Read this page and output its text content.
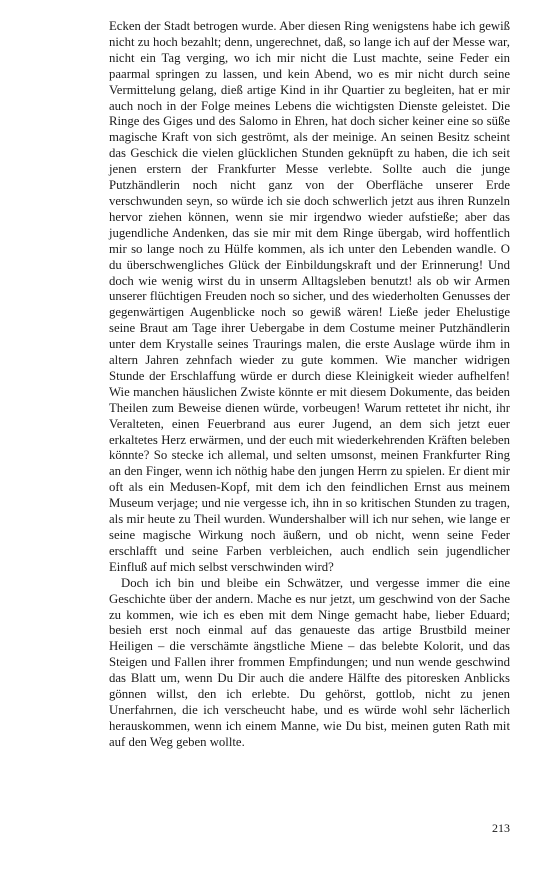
Ecken der Stadt betrogen wurde. Aber diesen Ring wenigstens habe ich gewiß nicht zu hoch bezahlt; denn, ungerechnet, daß, so lange ich auf der Messe war, nicht ein Tag verging, wo ich mir nicht die Lust machte, seine Feder ein paarmal springen zu lassen, und kein Abend, wo es mir nicht durch seine Vermittelung gelang, dieß artige Kind in ihr Quartier zu begleiten, hat er mir auch noch in der Folge meines Lebens die wichtigsten Dienste geleistet. Die Ringe des Giges und des Salomo in Ehren, hat doch sicher keiner eine so süße magische Kraft von sich geströmt, als der meinige. An seinen Besitz scheint das Geschick die vielen glücklichen Stunden geknüpft zu haben, die ich seit jenen erstern der Frankfurter Messe verlebte. Sollte auch die junge Putzhändlerin noch nicht ganz von der Oberfläche unserer Erde verschwunden seyn, so würde ich sie doch schwerlich jetzt aus ihren Runzeln hervor ziehen können, wenn sie mir irgendwo wieder aufstieße; aber das jugendliche Andenken, das sie mir mit dem Ringe übergab, wird hoffentlich mir so lange noch zu Hülfe kommen, als ich unter den Lebenden wandle. O du überschwengliches Glück der Einbildungskraft und der Erinnerung! Und doch wie wenig wirst du in unserm Alltagsleben benutzt! als ob wir Armen unserer flüchtigen Freuden noch so sicher, und des wiederholten Genusses der gegenwärtigen Augenblicke noch so gewiß wären! Ließe jeder Ehelustige seine Braut am Tage ihrer Uebergabe in dem Costume meiner Putzhändlerin unter dem Krystalle seines Traurings malen, die erste Auslage würde ihm in altern Jahren zehnfach wieder zu gute kommen. Wie mancher widrigen Stunde der Erschlaffung würde er durch diese Kleinigkeit wieder aufhelfen! Wie manchen häuslichen Zwiste könnte er mit diesem Dokumente, das beiden Theilen zum Beweise dienen würde, vorbeugen! Warum rettetet ihr nicht, ihr Veralteten, einen Feuerbrand aus eurer Jugend, an dem sich jetzt euer erkaltetes Herz erwärmen, und der euch mit wiederkehrenden Kräften beleben könnte? So stecke ich allemal, und selten umsonst, meinen Frankfurter Ring an den Finger, wenn ich nöthig habe den jungen Herrn zu spielen. Er dient mir oft als ein Medusen-Kopf, mit dem ich den feindlichen Ernst aus meinem Museum verjage; und nie vergesse ich, ihn in so kritischen Stunden zu tragen, als mir heute zu Theil wurden. Wundershalber will ich nur sehen, wie lange er seine magische Wirkung noch äußern, und ob nicht, wenn seine Feder erschlafft und seine Farben verbleichen, auch endlich sein jugendlicher Einfluß auf mich selbst verschwinden wird?

Doch ich bin und bleibe ein Schwätzer, und vergesse immer die eine Geschichte über der andern. Mache es nur jetzt, um geschwind von der Sache zu kommen, wie ich es eben mit dem Ninge gemacht habe, lieber Eduard; besieh erst noch einmal auf das genaueste das artige Brustbild meiner Heiligen – die verschämte ängstliche Miene – das belebte Kolorit, und das Steigen und Fallen ihrer frommen Empfindungen; und nun wende geschwind das Blatt um, wenn Du Dir auch die andere Hälfte des pitoresken Anblicks gönnen willst, den ich erlebte. Du gehörst, gottlob, nicht zu jenen Unerfahrnen, die ich verscheucht habe, und es würde wohl sehr lächerlich herauskommen, wenn ich einem Manne, wie Du bist, meinen guten Rath mit auf den Weg geben wollte.

213
